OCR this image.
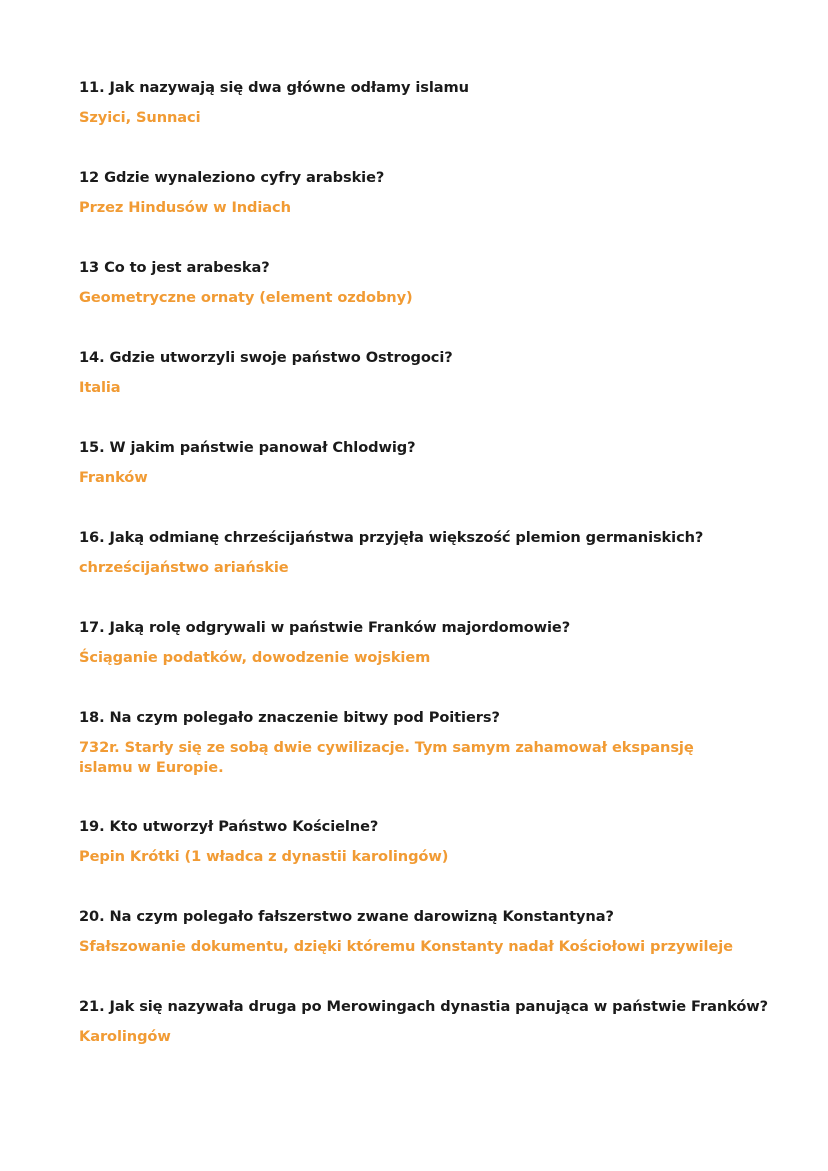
11. Jak nazywają się dwa główne odłamy islamu
Szyici, Sunnaci
12 Gdzie wynaleziono cyfry arabskie?
Przez Hindusów w Indiach
13 Co to jest arabeska?
Geometryczne ornaty (element ozdobny)
14. Gdzie utworzyli swoje państwo Ostrogoci?
Italia
15. W jakim państwie panował Chlodwig?
Franków
16. Jaką odmianę chrześcijaństwa przyjęła większość plemion germaniskich?
chrześcijaństwo ariańskie
17. Jaką rolę odgrywali w państwie Franków majordomowie?
Ściąganie podatków, dowodzenie wojskiem
18. Na czym polegało znaczenie bitwy pod Poitiers?
732r. Starły się ze sobą dwie cywilizacje. Tym samym zahamował ekspansję islamu w Europie.
19. Kto utworzył Państwo Kościelne?
Pepin Krótki (1 władca z dynastii karolingów)
20. Na czym polegało fałszerstwo zwane darowizną Konstantyna?
Sfałszowanie dokumentu, dzięki któremu Konstanty nadał Kościołowi przywileje
21. Jak się nazywała druga po Merowingach dynastia panująca w państwie Franków?
Karolingów
